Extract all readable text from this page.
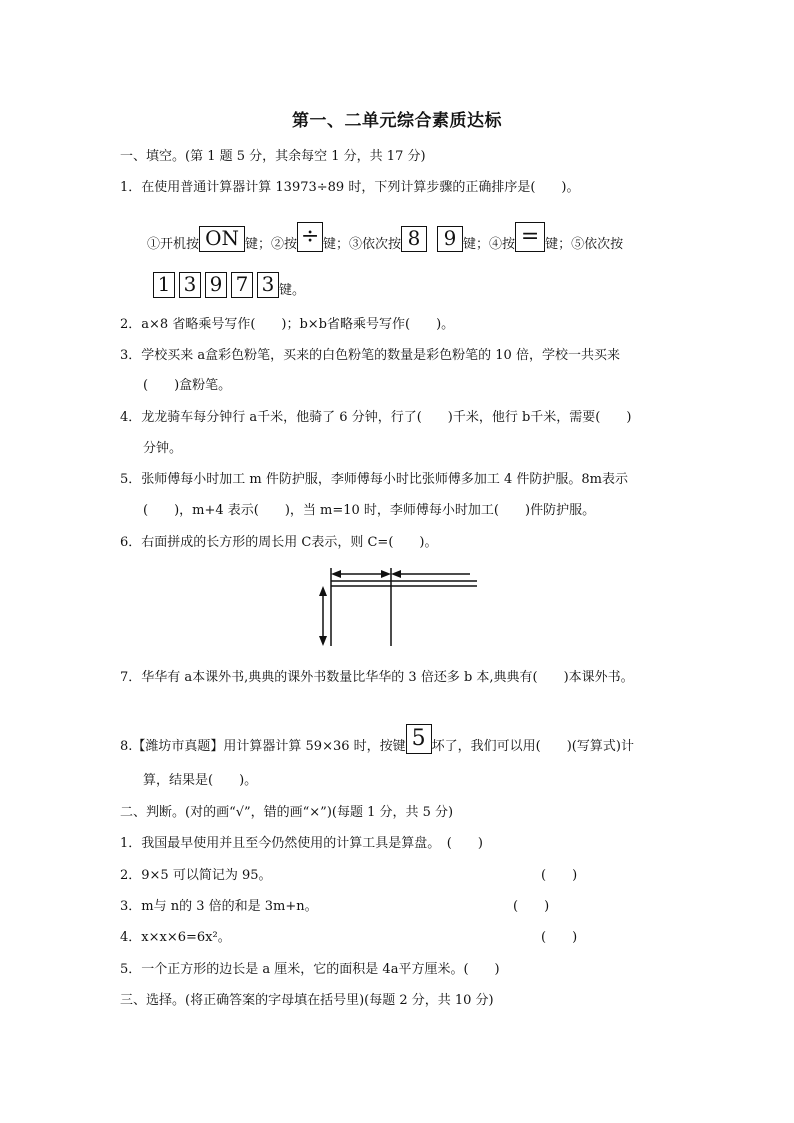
第一、二单元综合素质达标
一、填空。(第 1 题 5 分，其余每空 1 分，共 17 分)
1．在使用普通计算器计算 13973÷89 时，下列计算步骤的正确排序是(　　)。
①开机按 ON 键；②按 ÷ 键；③依次按 8	9 键；④按 = 键；⑤依次按
1 3 9 7 3 键。
2．a×8 省略乘号写作(　　)；b×b省略乘号写作(　　)。
3．学校买来 a盒彩色粉笔，买来的白色粉笔的数量是彩色粉笔的 10 倍，学校一共买来
(　　)盒粉笔。
4．龙龙骑车每分钟行 a千米，他骑了 6 分钟，行了(　　)千米，他行 b千米，需要(　　)
分钟。
5．张师傅每小时加工 m 件防护服，李师傅每小时比张师傅多加工 4 件防护服。8m表示
(　　)，m+4 表示(　　)，当 m=10 时，李师傅每小时加工(　　)件防护服。
6．右面拼成的长方形的周长用 C表示，则 C=(　　)。
7．华华有 a本课外书,典典的课外书数量比华华的 3 倍还多 b 本,典典有(　　)本课外书。
8.【潍坊市真题】用计算器计算 59×36 时，按键 5 坏了，我们可以用(　　)(写算式)计
算，结果是(　　)。
二、判断。(对的画“√”，错的画“×”)(每题 1 分，共 5 分)
1．我国最早使用并且至今仍然使用的计算工具是算盘。　(　　)
2．9×5 可以简记为 95。	(　　)
3．m与 n的 3 倍的和是 3m+n。	(　　)
4．x×x×6=6x²。	(　　)
5．一个正方形的边长是 a 厘米，它的面积是 4a平方厘米。(　　)
三、选择。(将正确答案的字母填在括号里)(每题 2 分，共 10 分)
